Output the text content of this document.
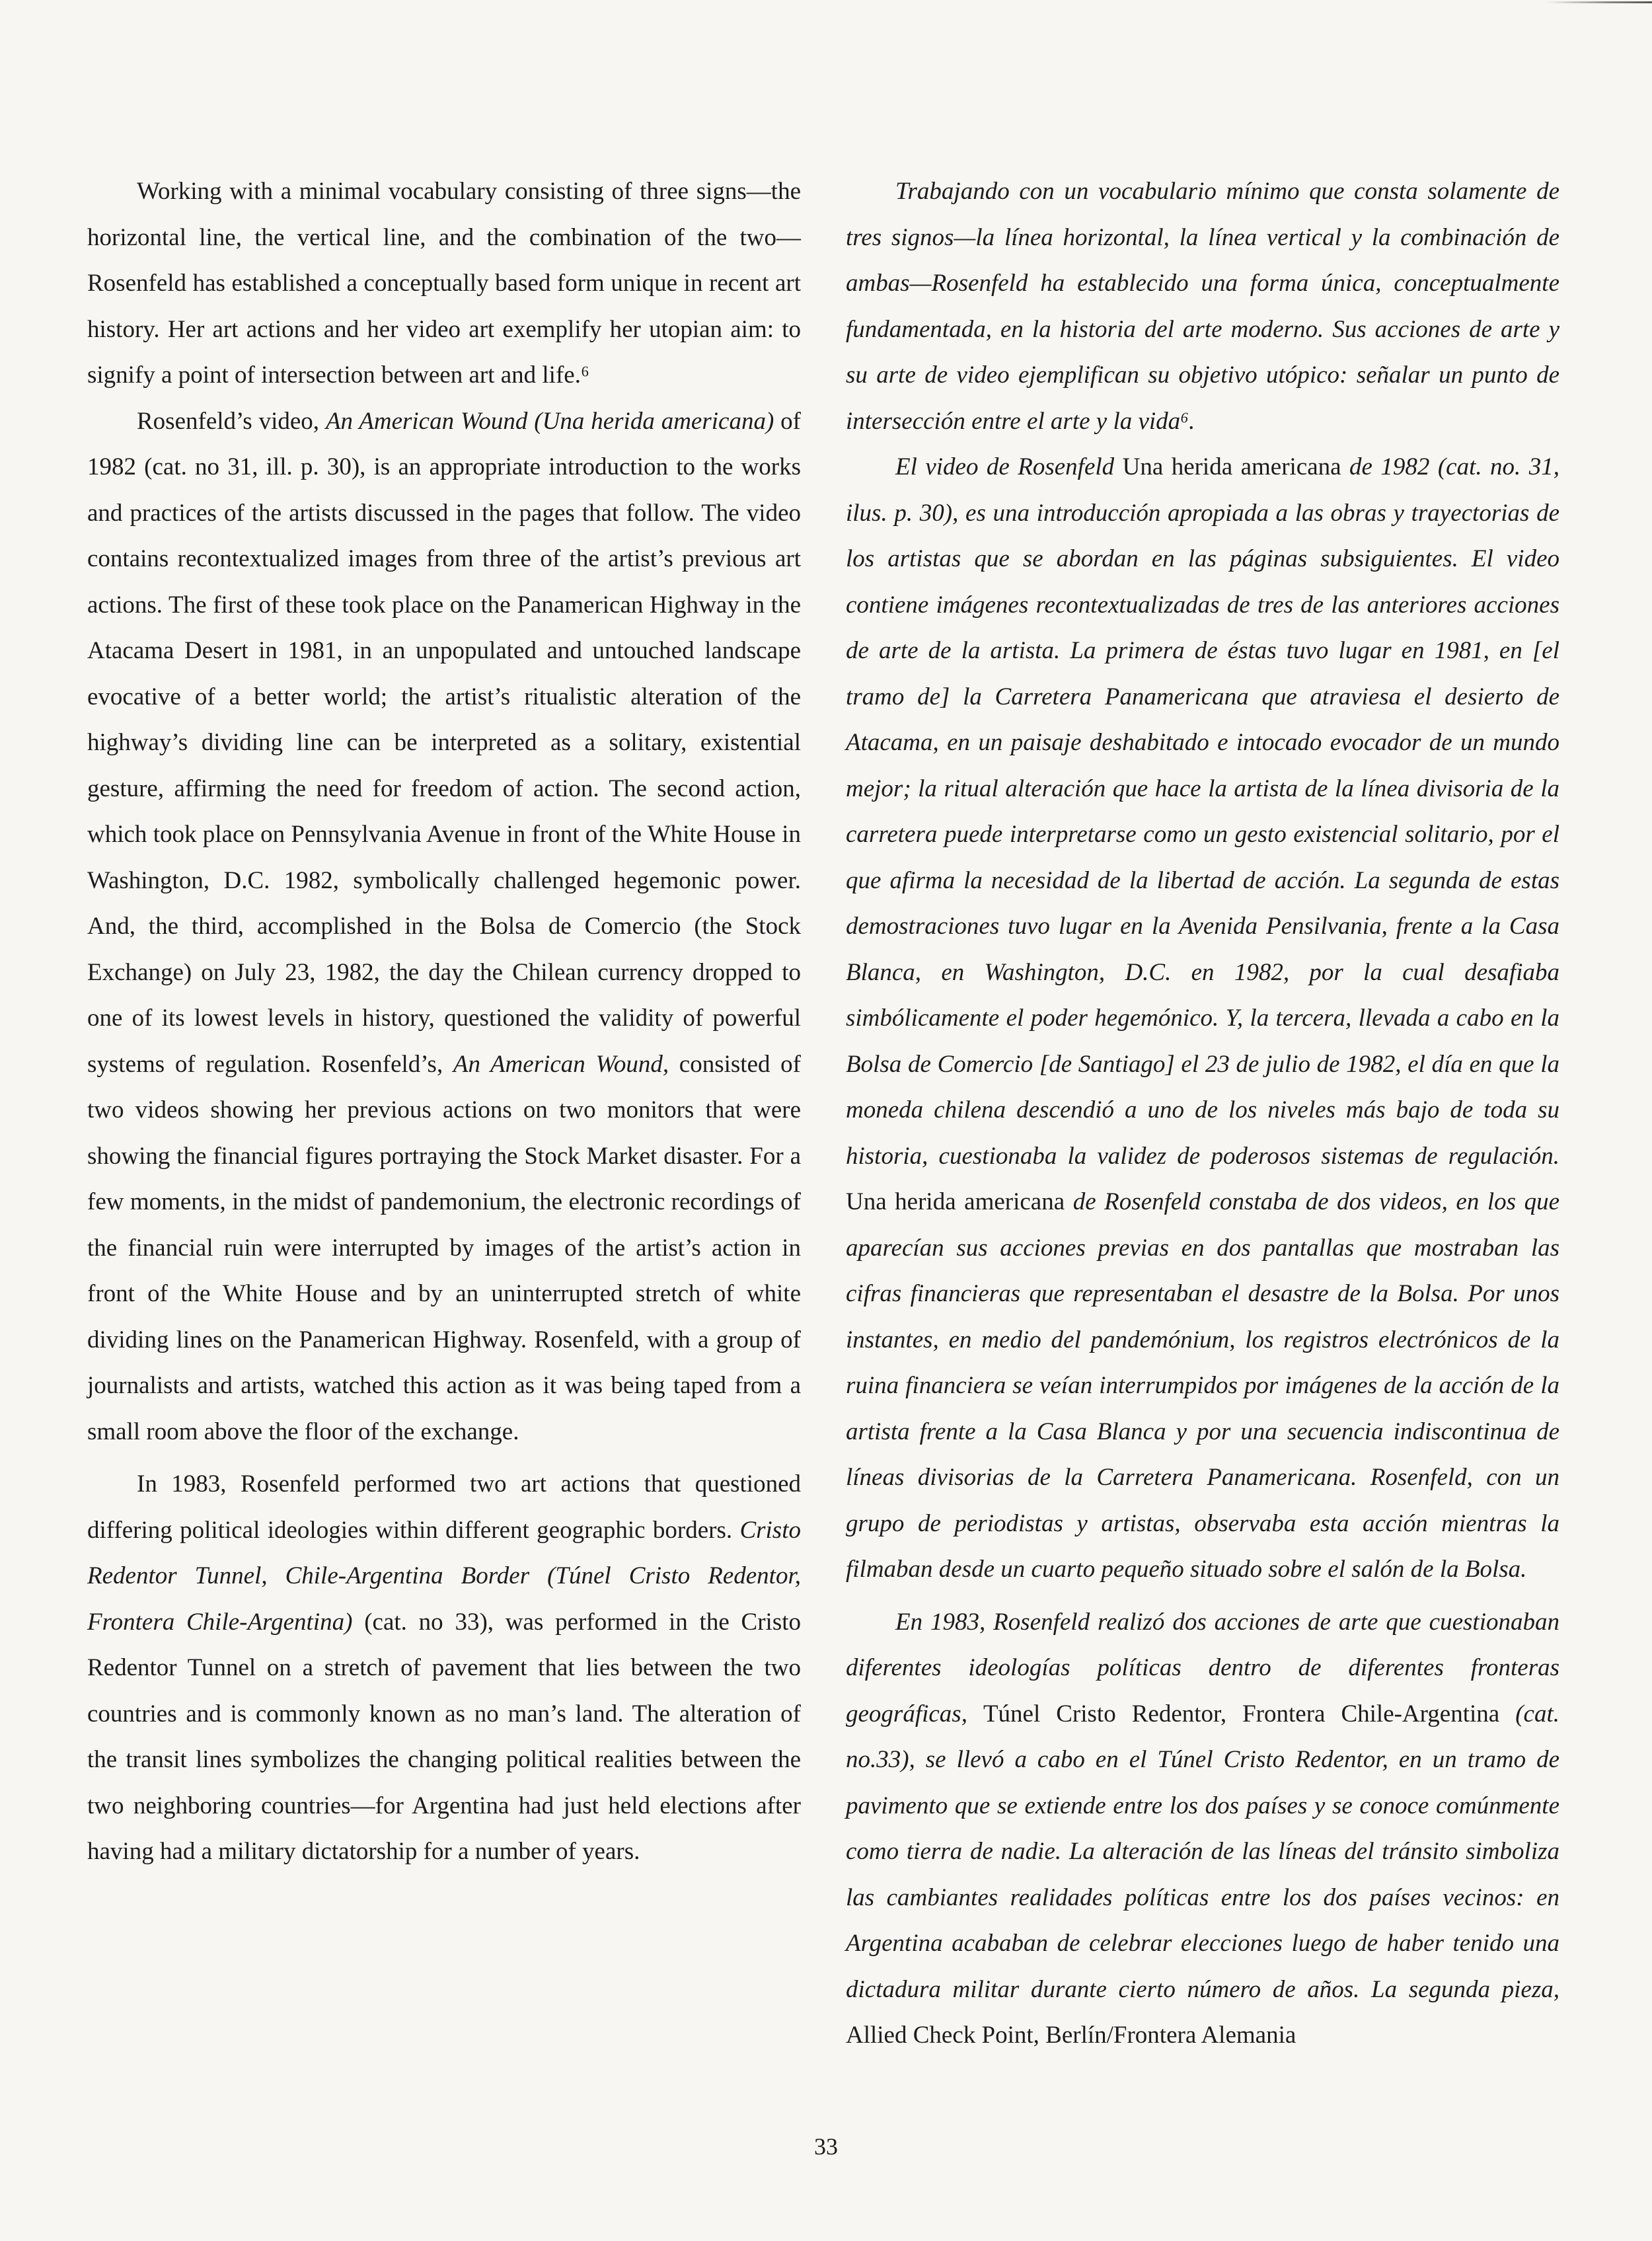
Working with a minimal vocabulary consisting of three signs—the horizontal line, the vertical line, and the combination of the two—Rosenfeld has established a conceptually based form unique in recent art history. Her art actions and her video art exemplify her utopian aim: to signify a point of intersection between art and life.⁶

Rosenfeld’s video, An American Wound (Una herida americana) of 1982 (cat. no 31, ill. p. 30), is an appropriate introduction to the works and practices of the artists discussed in the pages that follow. The video contains recontextualized images from three of the artist’s previous art actions. The first of these took place on the Panamerican Highway in the Atacama Desert in 1981, in an unpopulated and untouched landscape evocative of a better world; the artist’s ritualistic alteration of the highway’s dividing line can be interpreted as a solitary, existential gesture, affirming the need for freedom of action. The second action, which took place on Pennsylvania Avenue in front of the White House in Washington, D.C. 1982, symbolically challenged hegemonic power. And, the third, accomplished in the Bolsa de Comercio (the Stock Exchange) on July 23, 1982, the day the Chilean currency dropped to one of its lowest levels in history, questioned the validity of powerful systems of regulation. Rosenfeld’s, An American Wound, consisted of two videos showing her previous actions on two monitors that were showing the financial figures portraying the Stock Market disaster. For a few moments, in the midst of pandemonium, the electronic recordings of the financial ruin were interrupted by images of the artist’s action in front of the White House and by an uninterrupted stretch of white dividing lines on the Panamerican Highway. Rosenfeld, with a group of journalists and artists, watched this action as it was being taped from a small room above the floor of the exchange.

In 1983, Rosenfeld performed two art actions that questioned differing political ideologies within different geographic borders. Cristo Redentor Tunnel, Chile-Argentina Border (Túnel Cristo Redentor, Frontera Chile-Argentina) (cat. no 33), was performed in the Cristo Redentor Tunnel on a stretch of pavement that lies between the two countries and is commonly known as no man’s land. The alteration of the transit lines symbolizes the changing political realities between the two neighboring countries—for Argentina had just held elections after having had a military dictatorship for a number of years.

Trabajando con un vocabulario mínimo que consta solamente de tres signos—la línea horizontal, la línea vertical y la combinación de ambas—Rosenfeld ha establecido una forma única, conceptualmente fundamentada, en la historia del arte moderno. Sus acciones de arte y su arte de video ejemplifican su objetivo utópico: señalar un punto de intersección entre el arte y la vida⁶.

El video de Rosenfeld Una herida americana de 1982 (cat. no. 31, ilus. p. 30), es una introducción apropiada a las obras y trayectorias de los artistas que se abordan en las páginas subsiguientes. El video contiene imágenes recontextualizadas de tres de las anteriores acciones de arte de la artista. La primera de éstas tuvo lugar en 1981, en [el tramo de] la Carretera Panamericana que atraviesa el desierto de Atacama, en un paisaje deshabitado e intocado evocador de un mundo mejor; la ritual alteración que hace la artista de la línea divisoria de la carretera puede interpretarse como un gesto existencial solitario, por el que afirma la necesidad de la libertad de acción. La segunda de estas demostraciones tuvo lugar en la Avenida Pensilvania, frente a la Casa Blanca, en Washington, D.C. en 1982, por la cual desafiaba simbólicamente el poder hegemónico. Y, la tercera, llevada a cabo en la Bolsa de Comercio [de Santiago] el 23 de julio de 1982, el día en que la moneda chilena descendió a uno de los niveles más bajo de toda su historia, cuestionaba la validez de poderosos sistemas de regulación. Una herida americana de Rosenfeld constaba de dos videos, en los que aparecían sus acciones previas en dos pantallas que mostraban las cifras financieras que representaban el desastre de la Bolsa. Por unos instantes, en medio del pandemónium, los registros electrónicos de la ruina financiera se veían interrumpidos por imágenes de la acción de la artista frente a la Casa Blanca y por una secuencia indiscontinua de líneas divisorias de la Carretera Panamericana. Rosenfeld, con un grupo de periodistas y artistas, observaba esta acción mientras la filmaban desde un cuarto pequeño situado sobre el salón de la Bolsa.

En 1983, Rosenfeld realizó dos acciones de arte que cuestionaban diferentes ideologías políticas dentro de diferentes fronteras geográficas, Túnel Cristo Redentor, Frontera Chile-Argentina (cat. no.33), se llevó a cabo en el Túnel Cristo Redentor, en un tramo de pavimento que se extiende entre los dos países y se conoce comúnmente como tierra de nadie. La alteración de las líneas del tránsito simboliza las cambiantes realidades políticas entre los dos países vecinos: en Argentina acababan de celebrar elecciones luego de haber tenido una dictadura militar durante cierto número de años. La segunda pieza, Allied Check Point, Berlín/Frontera Alemania

33
